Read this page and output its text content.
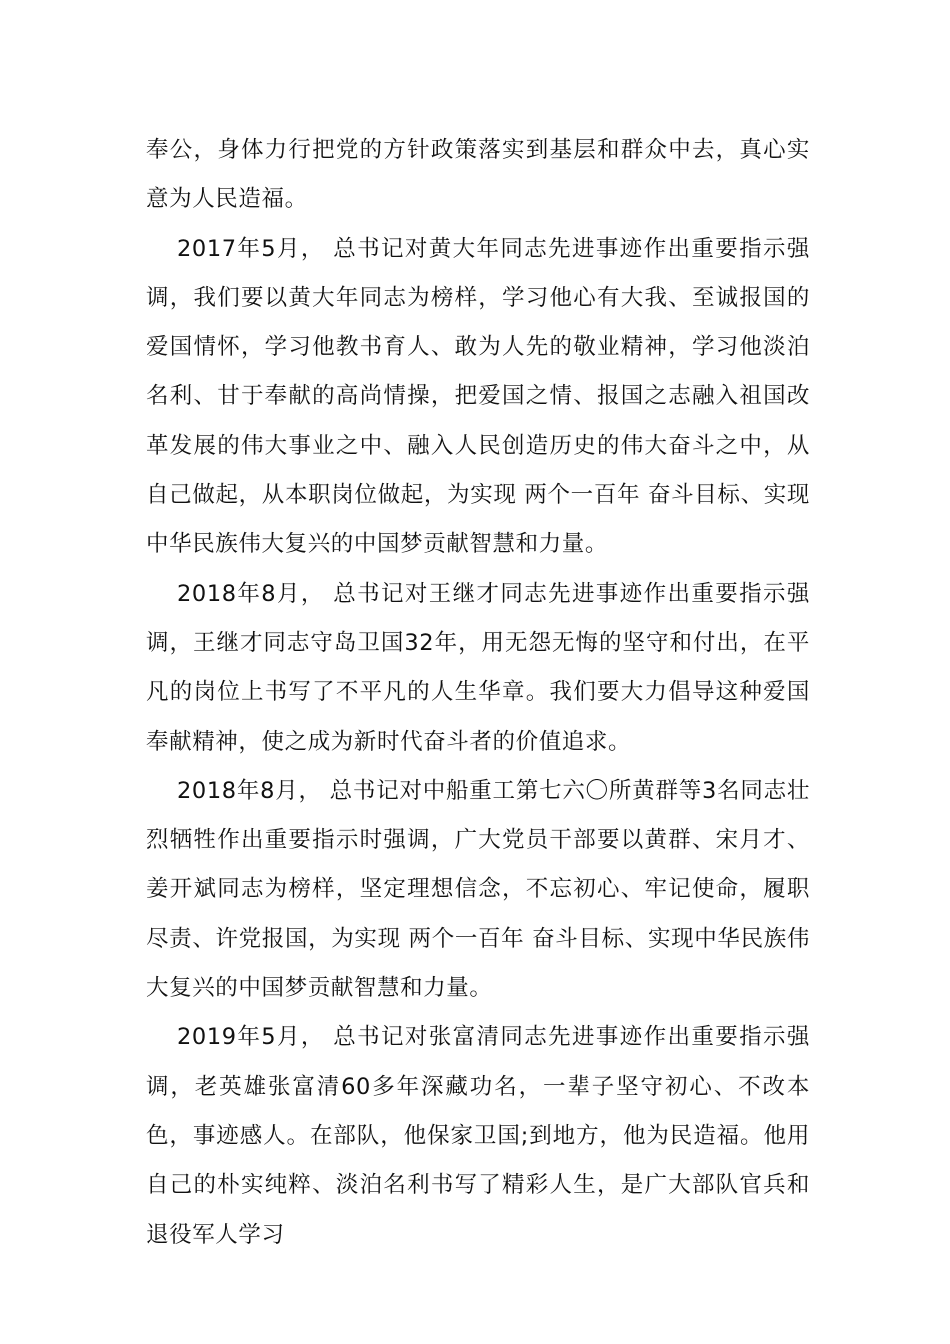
奉公，身体力行把党的方针政策落实到基层和群众中去，真心实意为人民造福。

2017年5月， 总书记对黄大年同志先进事迹作出重要指示强调，我们要以黄大年同志为榜样，学习他心有大我、至诚报国的爱国情怀，学习他教书育人、敢为人先的敬业精神，学习他淡泊名利、甘于奉献的高尚情操，把爱国之情、报国之志融入祖国改革发展的伟大事业之中、融入人民创造历史的伟大奋斗之中，从自己做起，从本职岗位做起，为实现 两个一百年 奋斗目标、实现中华民族伟大复兴的中国梦贡献智慧和力量。

2018年8月， 总书记对王继才同志先进事迹作出重要指示强调，王继才同志守岛卫国32年，用无怨无悔的坚守和付出，在平凡的岗位上书写了不平凡的人生华章。我们要大力倡导这种爱国奉献精神，使之成为新时代奋斗者的价值追求。

2018年8月， 总书记对中船重工第七六〇所黄群等3名同志壮烈牺牲作出重要指示时强调，广大党员干部要以黄群、宋月才、姜开斌同志为榜样，坚定理想信念，不忘初心、牢记使命，履职尽责、许党报国，为实现 两个一百年 奋斗目标、实现中华民族伟大复兴的中国梦贡献智慧和力量。

2019年5月， 总书记对张富清同志先进事迹作出重要指示强调，老英雄张富清60多年深藏功名，一辈子坚守初心、不改本色，事迹感人。在部队，他保家卫国;到地方，他为民造福。他用自己的朴实纯粹、淡泊名利书写了精彩人生，是广大部队官兵和退役军人学习
